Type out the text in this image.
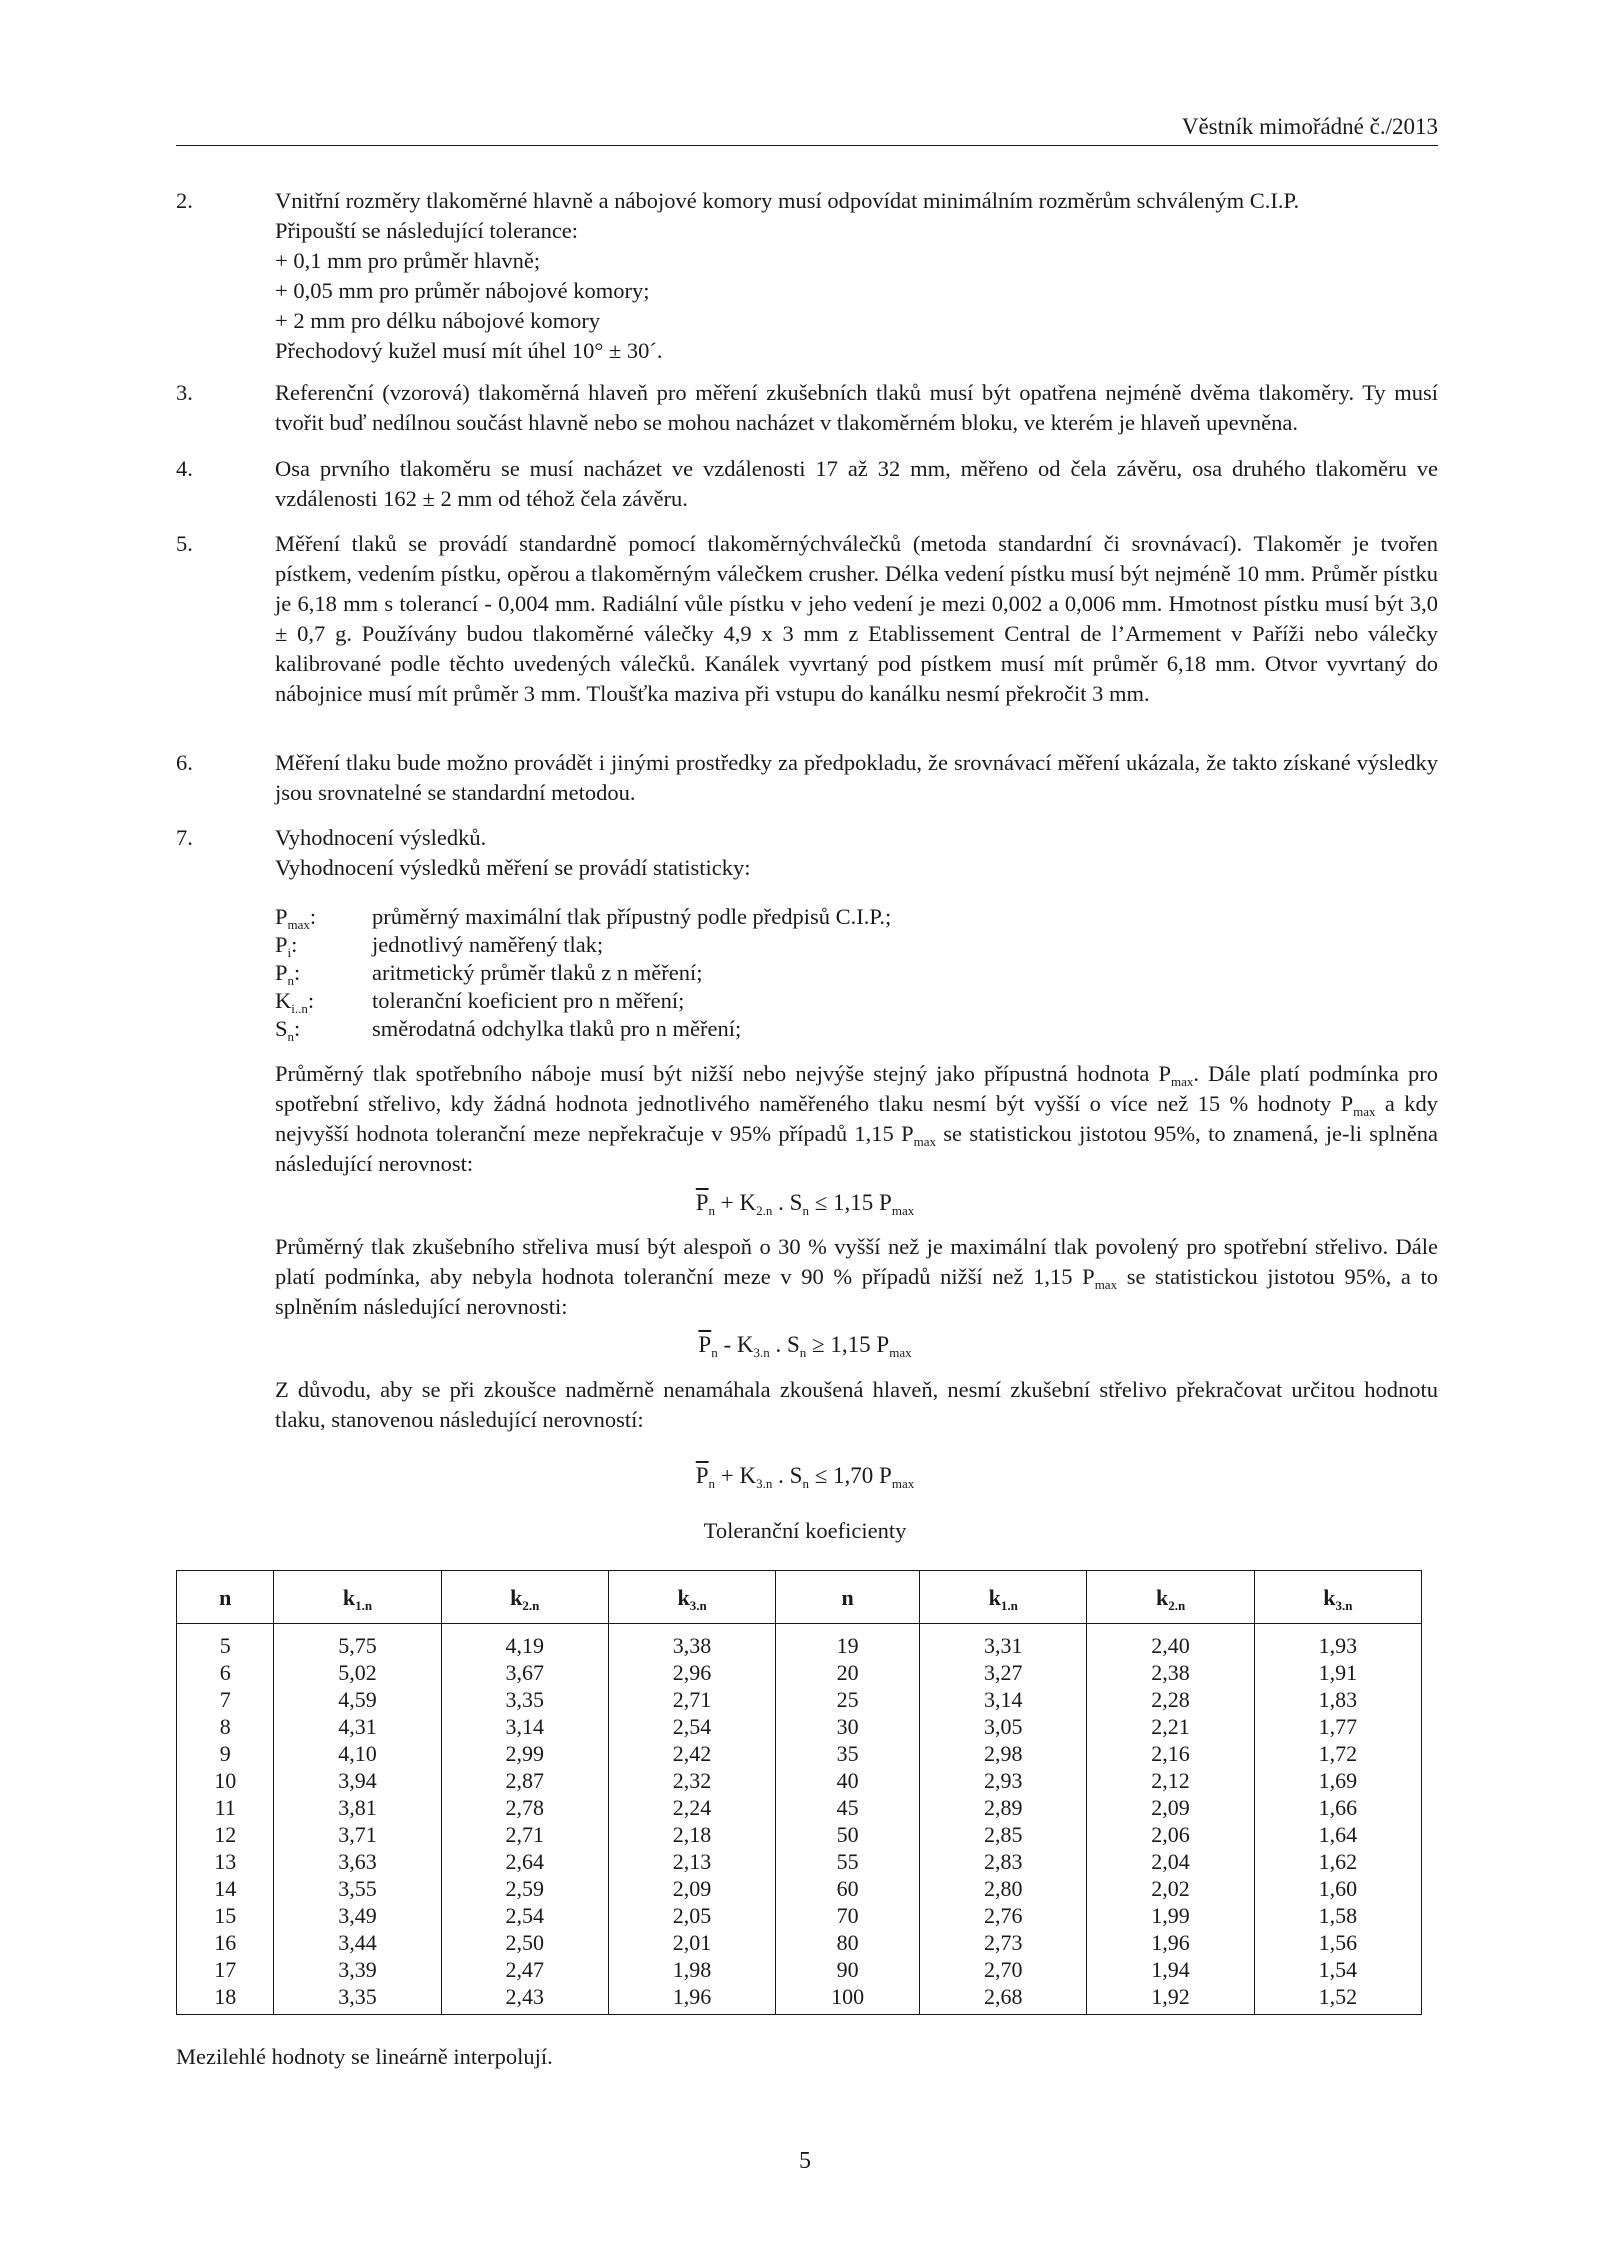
Věstník mimořádné č./2013
2.	Vnitřní rozměry tlakoměrné hlavně a nábojové komory musí odpovídat minimálním rozměrům schváleným C.I.P.
Připouští se následující tolerance:
+ 0,1 mm pro průměr hlavně;
+ 0,05 mm pro průměr nábojové komory;
+ 2 mm pro délku nábojové komory
Přechodový kužel musí mít úhel 10° ± 30´.
3.	Referenční (vzorová) tlakoměrná hlaveň pro měření zkušebních tlaků musí být opatřena nejméně dvěma tlakoměry. Ty musí tvořit buď nedílnou součást hlavně nebo se mohou nacházet v tlakoměrném bloku, ve kterém je hlaveň upevněna.
4.	Osa prvního tlakoměru se musí nacházet ve vzdálenosti 17 až 32 mm, měřeno od čela závěru, osa druhého tlakoměru ve vzdálenosti 162 ± 2 mm od téhož čela závěru.
5.	Měření tlaků se provádí standardně pomocí tlakoměrnýchválečků (metoda standardní či srovnávací). Tlakoměr je tvořen pístkem, vedením pístku, opěrou a tlakoměrným válečkem crusher. Délka vedení pístku musí být nejméně 10 mm. Průměr pístku je 6,18 mm s tolerancí - 0,004 mm. Radiální vůle pístku v jeho vedení je mezi 0,002 a 0,006 mm. Hmotnost pístku musí být 3,0 ± 0,7 g. Používány budou tlakoměrné válečky 4,9 x 3 mm z Etablissement Central de l’Armement v Paříži nebo válečky kalibrované podle těchto uvedených válečků. Kanálek vyvrtaný pod pístkem musí mít průměr 6,18 mm. Otvor vyvrtaný do nábojnice musí mít průměr 3 mm. Tloušťka maziva při vstupu do kanálku nesmí překročit 3 mm.
6.	Měření tlaku bude možno provádět i jinými prostředky za předpokladu, že srovnávací měření ukázala, že takto získané výsledky jsou srovnatelné se standardní metodou.
7.	Vyhodnocení výsledků.
Vyhodnocení výsledků měření se provádí statisticky:
$P_{max}$: průměrný maximální tlak přípustný podle předpisů C.I.P.;
$P_i$:	jednotlivý naměřený tlak;
$P_n$:	aritmetický průměr tlaků z n měření;
$K_{i..n}$:	toleranční koeficient pro n měření;
$S_n$:	směrodatná odchylka tlaků pro n měření;
Průměrný tlak spotřebního náboje musí být nižší nebo nejvýše stejný jako přípustná hodnota $P_{max}$. Dále platí podmínka pro spotřební střelivo, kdy žádná hodnota jednotlivého naměřeného tlaku nesmí být vyšší o více než 15 % hodnoty $P_{max}$ a kdy nejvyšší hodnota toleranční meze nepřekračuje v 95% případů 1,15 $P_{max}$ se statistickou jistotou 95%, to znamená, je-li splněna následující nerovnost:
$\overline{P}_n + K_{2.n}$ . $S_n \le 1,15$ $P_{max}$
Průměrný tlak zkušebního střeliva musí být alespoň o 30 % vyšší než je maximální tlak povolený pro spotřební střelivo. Dále platí podmínka, aby nebyla hodnota toleranční meze v 90 % případů nižší než 1,15 $P_{max}$ se statistickou jistotou 95%, a to splněním následující nerovnosti:
$\overline{P}_n - K_{3.n}$ . $S_n \ge 1,15$ $P_{max}$
Z důvodu, aby se při zkoušce nadměrně nenamáhala zkoušená hlaveň, nesmí zkušební střelivo překračovat určitou hodnotu tlaku, stanovenou následující nerovností:
$\overline{P}_n + K_{3.n}$ . $S_n \le 1,70$ $P_{max}$
Toleranční koeficienty
n	$k_{1.n}$	$k_{2.n}$	$k_{3.n}$	n	$k_{1.n}$	$k_{2.n}$	$k_{3.n}$
5	5,75	4,19	3,38	19	3,31	2,40	1,93
6	5,02	3,67	2,96	20	3,27	2,38	1,91
7	4,59	3,35	2,71	25	3,14	2,28	1,83
8	4,31	3,14	2,54	30	3,05	2,21	1,77
9	4,10	2,99	2,42	35	2,98	2,16	1,72
10	3,94	2,87	2,32	40	2,93	2,12	1,69
11	3,81	2,78	2,24	45	2,89	2,09	1,66
12	3,71	2,71	2,18	50	2,85	2,06	1,64
13	3,63	2,64	2,13	55	2,83	2,04	1,62
14	3,55	2,59	2,09	60	2,80	2,02	1,60
15	3,49	2,54	2,05	70	2,76	1,99	1,58
16	3,44	2,50	2,01	80	2,73	1,96	1,56
17	3,39	2,47	1,98	90	2,70	1,94	1,54
18	3,35	2,43	1,96	100	2,68	1,92	1,52
Mezilehlé hodnoty se lineárně interpolují.
5
